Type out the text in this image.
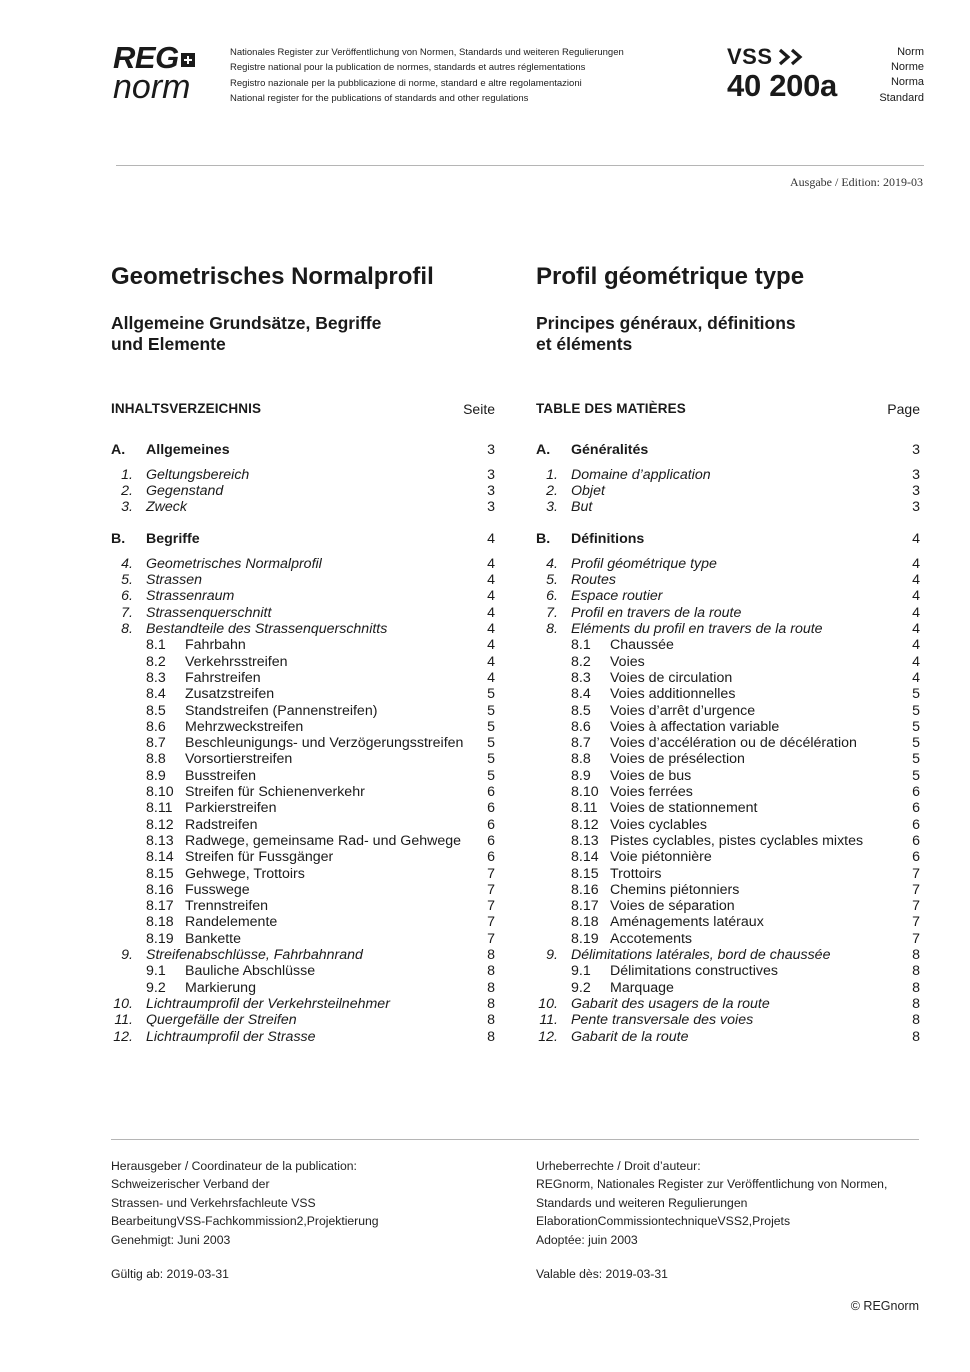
REG
norm
Nationales Register zur Veröffentlichung von Normen, Standards und weiteren Regulierungen
Registre national pour la publication de normes, standards et autres réglementations
Registro nazionale per la pubblicazione di norme, standard e altre regolamentazioni
National register for the publications of standards and other regulations
VSS
40 200a
Norm
Norme
Norma
Standard
Ausgabe / Edition: 2019-03
Geometrisches Normalprofil
Allgemeine Grundsätze, Begriffe
und Elemente
INHALTSVERZEICHNIS	Seite
A.	Allgemeines	3
1. Geltungsbereich	3
2. Gegenstand	3
3. Zweck	3
B.	Begriffe	4
4. Geometrisches Normalprofil	4
5. Strassen	4
6. Strassenraum	4
7. Strassenquerschnitt	4
8. Bestandteile des Strassenquerschnitts	4
8.1	Fahrbahn	4
8.2	Verkehrsstreifen	4
8.3	Fahrstreifen	4
8.4	Zusatzstreifen	5
8.5	Standstreifen (Pannenstreifen)	5
8.6	Mehrzweckstreifen	5
8.7	Beschleunigungs- und Verzögerungsstreifen 5
8.8	Vorsortierstreifen	5
8.9	Busstreifen	5
8.10 Streifen für Schienenverkehr	6
8.11 Parkierstreifen	6
8.12 Radstreifen	6
8.13 Radwege, gemeinsame Rad- und Gehwege 6
8.14 Streifen für Fussgänger	6
8.15 Gehwege, Trottoirs	7
8.16 Fusswege	7
8.17 Trennstreifen	7
8.18 Randelemente	7
8.19 Bankette	7
9. Streifenabschlüsse, Fahrbahnrand	8
9.1	Bauliche Abschlüsse	8
9.2	Markierung	8
10. Lichtraumprofil der Verkehrsteilnehmer	8
11. Quergefälle der Streifen	8
12. Lichtraumprofil der Strasse	8
Profil géométrique type
Principes généraux, définitions
et éléments
TABLE DES MATIÈRES	Page
A.	Généralités	3
1. Domaine d’application	3
2. Objet	3
3. But	3
B.	Définitions	4
4. Profil géométrique type	4
5. Routes	4
6. Espace routier	4
7. Profil en travers de la route	4
8. Eléments du profil en travers de la route	4
8.1	Chaussée	4
8.2	Voies	4
8.3	Voies de circulation	4
8.4	Voies additionnelles	5
8.5	Voies d’arrêt d’urgence	5
8.6	Voies à affectation variable	5
8.7	Voies d’accélération ou de décélération	5
8.8	Voies de présélection	5
8.9	Voies de bus	5
8.10 Voies ferrées	6
8.11 Voies de stationnement	6
8.12 Voies cyclables	6
8.13 Pistes cyclables, pistes cyclables mixtes	6
8.14 Voie piétonnière	6
8.15 Trottoirs	7
8.16 Chemins piétonniers	7
8.17 Voies de séparation	7
8.18 Aménagements latéraux	7
8.19 Accotements	7
9. Délimitations latérales, bord de chaussée	8
9.1	Délimitations constructives	8
9.2	Marquage	8
10. Gabarit des usagers de la route	8
11. Pente transversale des voies	8
12. Gabarit de la route	8
Herausgeber / Coordinateur de la publication:
Schweizerischer Verband der
Strassen- und Verkehrsfachleute VSS
BearbeitungVSS-Fachkommission2,Projektierung
Genehmigt: Juni 2003
Urheberrechte / Droit d’auteur:
REGnorm, Nationales Register zur Veröffentlichung von Normen,
Standards und weiteren Regulierungen
ElaborationCommissiontechniqueVSS2,Projets
Adoptée: juin 2003
Gültig ab: 2019-03-31	Valable dès: 2019-03-31
© REGnorm
